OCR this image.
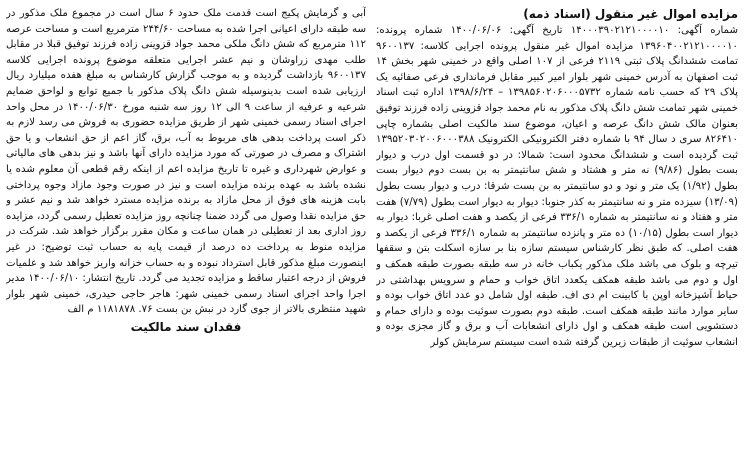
مزایده اموال غیر منقول (اسناد ذمه)

شماره آگهی: ۱۴۰۰۰۳۹۰۲۱۲۱۰۰۰۰۱۰ تاریخ آگهی: ۱۴۰۰/۰۶/۰۶ شماره پرونده: ۱۳۹۶۰۴۰۰۲۱۲۱۰۰۰۰۱۰ مزایده اموال غیر منقول پرونده اجرایی کلاسه: ۹۶۰۰۱۳۷ تمامت ششدانگ پلاک ثبتی ۲۱۱۹ فرعی از ۱۰۷ اصلی واقع در خمینی شهر بخش ۱۴ ثبت اصفهان به آدرس خمینی شهر بلوار امیر کبیر مقابل فرمانداری فرعی صفائیه یک پلاک ۲۹ که حسب نامه شماره ۱۳۹۸۵۶۰۲۰۶۰۰۰۵۷۳۲ – ۱۳۹۸/۶/۲۴ اداره ثبت اسناد خمینی شهر تمامت شش دانگ پلاک مذکور به نام محمد جواد قزوینی زاده فرزند توفیق بعنوان مالک شش دانگ عرصه و اعیان، موضوع سند مالکیت اصلی بشماره چاپی ۸۲۶۴۱۰ سری د سال ۹۴ با شماره دفتر الکترونیکی الکترونیک ۱۳۹۵۲۰۳۰۲۰۰۶۰۰۰۳۸۸ ثبت گردیده است و ششدانگ محدود است: شمالا: در دو قسمت اول درب و دیوار بست بطول (۹/۸۶) نه متر و هشتاد و شش سانتیمتر به بن بست دوم دیوار بست بطول (۱/۹۲) یک متر و نود و دو سانتیمتر به بن بست شرقا: درب و دیوار بست بطول (۱۳/۰۹) سیزده متر و نه سانتیمتر به کذر جنوبا: دیوار به دیوار است بطول (۷/۷۹) هفت متر و هفتاد و نه سانتیمتر به شماره ۳۳۶/۱ فرعی از یکصد و هفت اصلی غربا: دیوار به دیوار است بطول (۱۰/۱۵) ده متر و پانزده سانتیمتر به شماره ۳۳۶/۱ فرعی از یکصد و هفت اصلی. که طبق نظر کارشناس سیستم سازه بنا بر سازه اسکلت بتن و سقفها تیرچه و بلوک می باشد ملک مذکور یکباب خانه در سه طبقه بصورت طبقه همکف و اول و دوم می باشد طبقه همکف یکعدد اتاق خواب و حمام و سرویس بهداشتی در حیاط آشپزخانه اوپن با کابینت ام دی اف. طبقه اول شامل دو عدد اتاق خواب بوده و سایر موارد مانند طبقه همکف است. طبقه دوم بصورت سوئیت بوده و دارای حمام و دستشویی است طبقه همکف و اول دارای انشعابات آب و برق و گاز مجزی بوده و انشعاب سوئیت از طبقات زیرین گرفته شده است سیستم سرمایش کولر

آبی و گرمایش پکیج است قدمت ملک حدود ۶ سال است در مجموع ملک مذکور در سه طبقه دارای اعیانی اجرا شده به مساحت ۲۴۴/۶۰ مترمربع است و مساحت عرصه ۱۱۲ مترمربع که شش دانگ ملکی محمد جواد قزوینی زاده فرزند توفیق قبلا در مقابل طلب مهدی زراوشان و نیم عشر اجرایی متعلقه موضوع پرونده اجرایی کلاسه ۹۶۰۰۱۳۷ بازداشت گردیده و به موجب گزارش کارشناس به مبلغ هفده میلیارد ریال ارزیابی شده است بدینوسیله شش دانگ پلاک مذکور با جمیع توابع و لواحق ضمایم شرعیه و عرفیه از ساعت ۹ الی ۱۲ روز سه شنبه مورخ ۱۴۰۰/۰۶/۳۰ در محل واحد اجرای اسناد رسمی خمینی شهر از طریق مزایده حضوری به فروش می رسد لازم به ذکر است پرداخت بدهی های مربوط به آب، برق، گاز اعم از حق انشعاب و یا حق اشتراک و مصرف در صورتی که مورد مزایده دارای آنها باشد و نیز بدهی های مالیاتی و عوارض شهرداری و غیره تا تاریخ مزایده اعم از اینکه رقم قطعی آن معلوم شده یا نشده باشد به عهده برنده مزایده است و نیز در صورت وجود مازاد وجوه پرداختی بابت هزینه های فوق از محل مازاد به برنده مزایده مسترد خواهد شد و نیم عشر و حق مزایده نقدا وصول می گردد ضمنا چنانچه روز مزایده تعطیل رسمی گردد، مزایده روز اداری بعد از تعطیلی در همان ساعت و مکان مقرر برگزار خواهد شد. شرکت در مزایده منوط به پرداخت ده درصد از قیمت پایه به حساب ثبت توضیح: در غیر اینصورت مبلغ مذکور قابل استرداد نبوده و به حساب خزانه واریز خواهد شد و علمیات فروش از درجه اعتبار ساقط و مزایده تجدید می گردد. تاریخ انتشار: ۱۴۰۰/۰۶/۱۰ مدیر اجرا واحد اجرای اسناد رسمی خمینی شهر: هاجر حاجی حیدری، خمینی شهر بلوار شهید منتظری بالاتر از جوی گارد در نبش بن بست ۷۶. ۱۱۸۱۸۷۸ م الف

فقدان سند مالکیت
